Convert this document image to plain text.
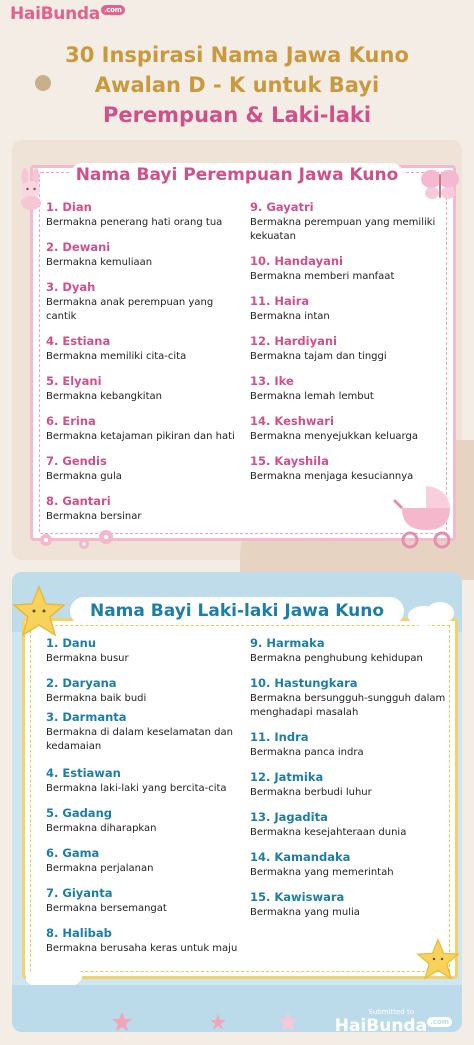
HaiBunda $^{.com}$
30 Inspirasi Nama Jawa Kuno
Awalan D - K untuk Bayi
Perempuan & Laki-laki
Nama Bayi Perempuan Jawa Kuno
1. Dian
Bermakna penerang hati orang tua
2. Dewani
Bermakna kemuliaan
3. Dyah
Bermakna anak perempuan yang cantik
4. Estiana
Bermakna memiliki cita-cita
5. Elyani
Bermakna kebangkitan
6. Erina
Bermakna ketajaman pikiran dan hati
7. Gendis
Bermakna gula
8. Gantari
Bermakna bersinar
9. Gayatri
Bermakna perempuan yang memiliki kekuatan
10. Handayani
Bermakna memberi manfaat
11. Haira
Bermakna intan
12. Hardiyani
Bermakna tajam dan tinggi
13. Ike
Bermakna lemah lembut
14. Keshwari
Bermakna menyejukkan keluarga
15. Kayshila
Bermakna menjaga kesuciannya
Nama Bayi Laki-laki Jawa Kuno
1. Danu
Bermakna busur
2. Daryana
Bermakna baik budi
3. Darmanta
Bermakna di dalam keselamatan dan kedamaian
4. Estiawan
Bermakna laki-laki yang bercita-cita
5. Gadang
Bermakna diharapkan
6. Gama
Bermakna perjalanan
7. Giyanta
Bermakna bersemangat
8. Halibab
Bermakna berusaha keras untuk maju
9. Harmaka
Bermakna penghubung kehidupan
10. Hastungkara
Bermakna bersungguh-sungguh dalam menghadapi masalah
11. Indra
Bermakna panca indra
12. Jatmika
Bermakna berbudi luhur
13. Jagadita
Bermakna kesejahteraan dunia
14. Kamandaka
Bermakna yang memerintah
15. Kawiswara
Bermakna yang mulia
Submitted to
HaiBunda $^{.com}$
